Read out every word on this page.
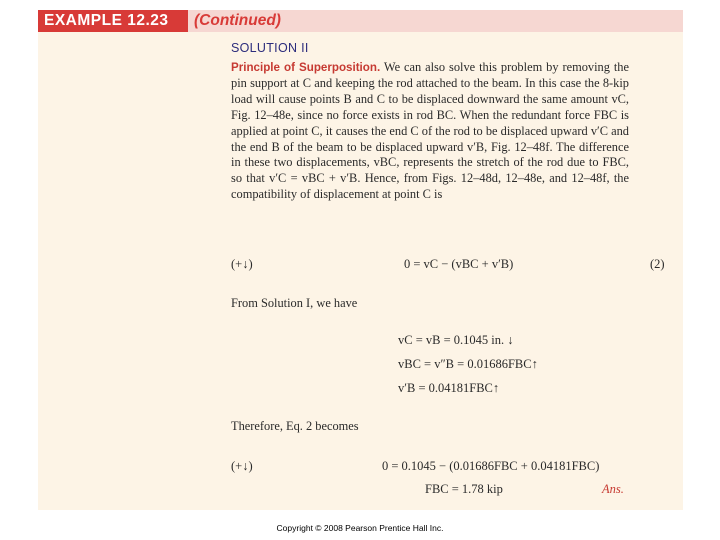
EXAMPLE 12.23	(Continued)
SOLUTION II

Principle of Superposition. We can also solve this problem by removing the pin support at C and keeping the rod attached to the beam. In this case the 8-kip load will cause points B and C to be displaced downward the same amount vC, Fig. 12–48e, since no force exists in rod BC. When the redundant force FBC is applied at point C, it causes the end C of the rod to be displaced upward v′C and the end B of the beam to be displaced upward v′B, Fig. 12–48f. The difference in these two displacements, vBC, represents the stretch of the rod due to FBC, so that v′C = vBC + v′B. Hence, from Figs. 12–48d, 12–48e, and 12–48f, the compatibility of displacement at point C is

(+↓)	0 = vC − (vBC + v′B)	(2)
From Solution I, we have
vC = vB = 0.1045 in. ↓
vBC = v″B = 0.01686FBC↑
v′B = 0.04181FBC↑
Therefore, Eq. 2 becomes
(+↓)	0 = 0.1045 − (0.01686FBC + 0.04181FBC)
FBC = 1.78 kip	Ans.
Copyright © 2008 Pearson Prentice Hall Inc.
